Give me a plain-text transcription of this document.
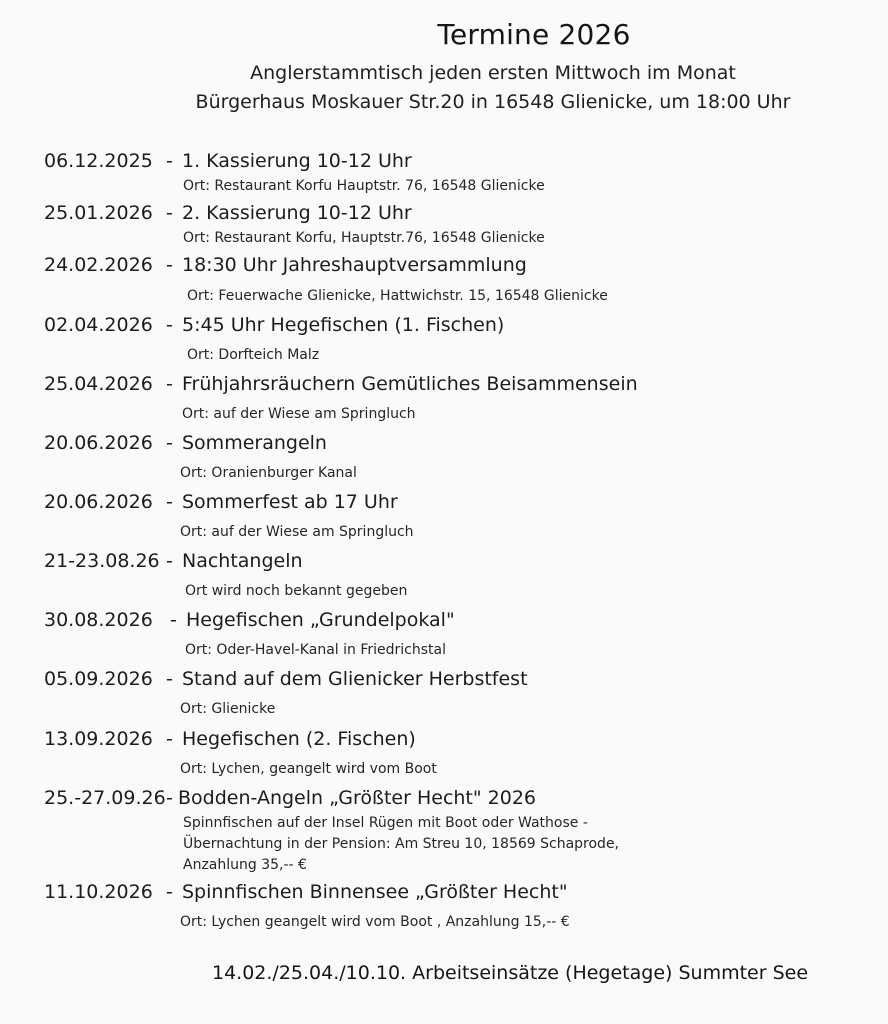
Termine 2026
Anglerstammtisch jeden ersten Mittwoch im Monat
Bürgerhaus Moskauer Str.20 in 16548 Glienicke, um 18:00 Uhr
06.12.2025 - 1. Kassierung 10-12 Uhr
Ort: Restaurant Korfu Hauptstr. 76, 16548 Glienicke
25.01.2026 - 2. Kassierung 10-12 Uhr
Ort: Restaurant Korfu, Hauptstr.76, 16548 Glienicke
24.02.2026 - 18:30 Uhr Jahreshauptversammlung
Ort: Feuerwache Glienicke, Hattwichstr. 15, 16548 Glienicke
02.04.2026 - 5:45 Uhr Hegefischen (1. Fischen)
Ort: Dorfteich Malz
25.04.2026 - Frühjahrsräuchern Gemütliches Beisammensein
Ort: auf der Wiese am Springluch
20.06.2026 - Sommerangeln
Ort: Oranienburger Kanal
20.06.2026 - Sommerfest ab 17 Uhr
Ort: auf der Wiese am Springluch
21-23.08.26 - Nachtangeln
Ort wird noch bekannt gegeben
30.08.2026 - Hegefischen „Grundelpokal"
Ort: Oder-Havel-Kanal in Friedrichstal
05.09.2026 - Stand auf dem Glienicker Herbstfest
Ort: Glienicke
13.09.2026 - Hegefischen (2. Fischen)
Ort: Lychen, geangelt wird vom Boot
25.-27.09.26- Bodden-Angeln „Größter Hecht" 2026
Spinnfischen auf der Insel Rügen mit Boot oder Wathose -
Übernachtung in der Pension: Am Streu 10, 18569 Schaprode,
Anzahlung 35,-- €
11.10.2026 - Spinnfischen Binnensee „Größter Hecht"
Ort: Lychen geangelt wird vom Boot , Anzahlung 15,-- €
14.02./25.04./10.10. Arbeitseinsätze (Hegetage) Summter See
